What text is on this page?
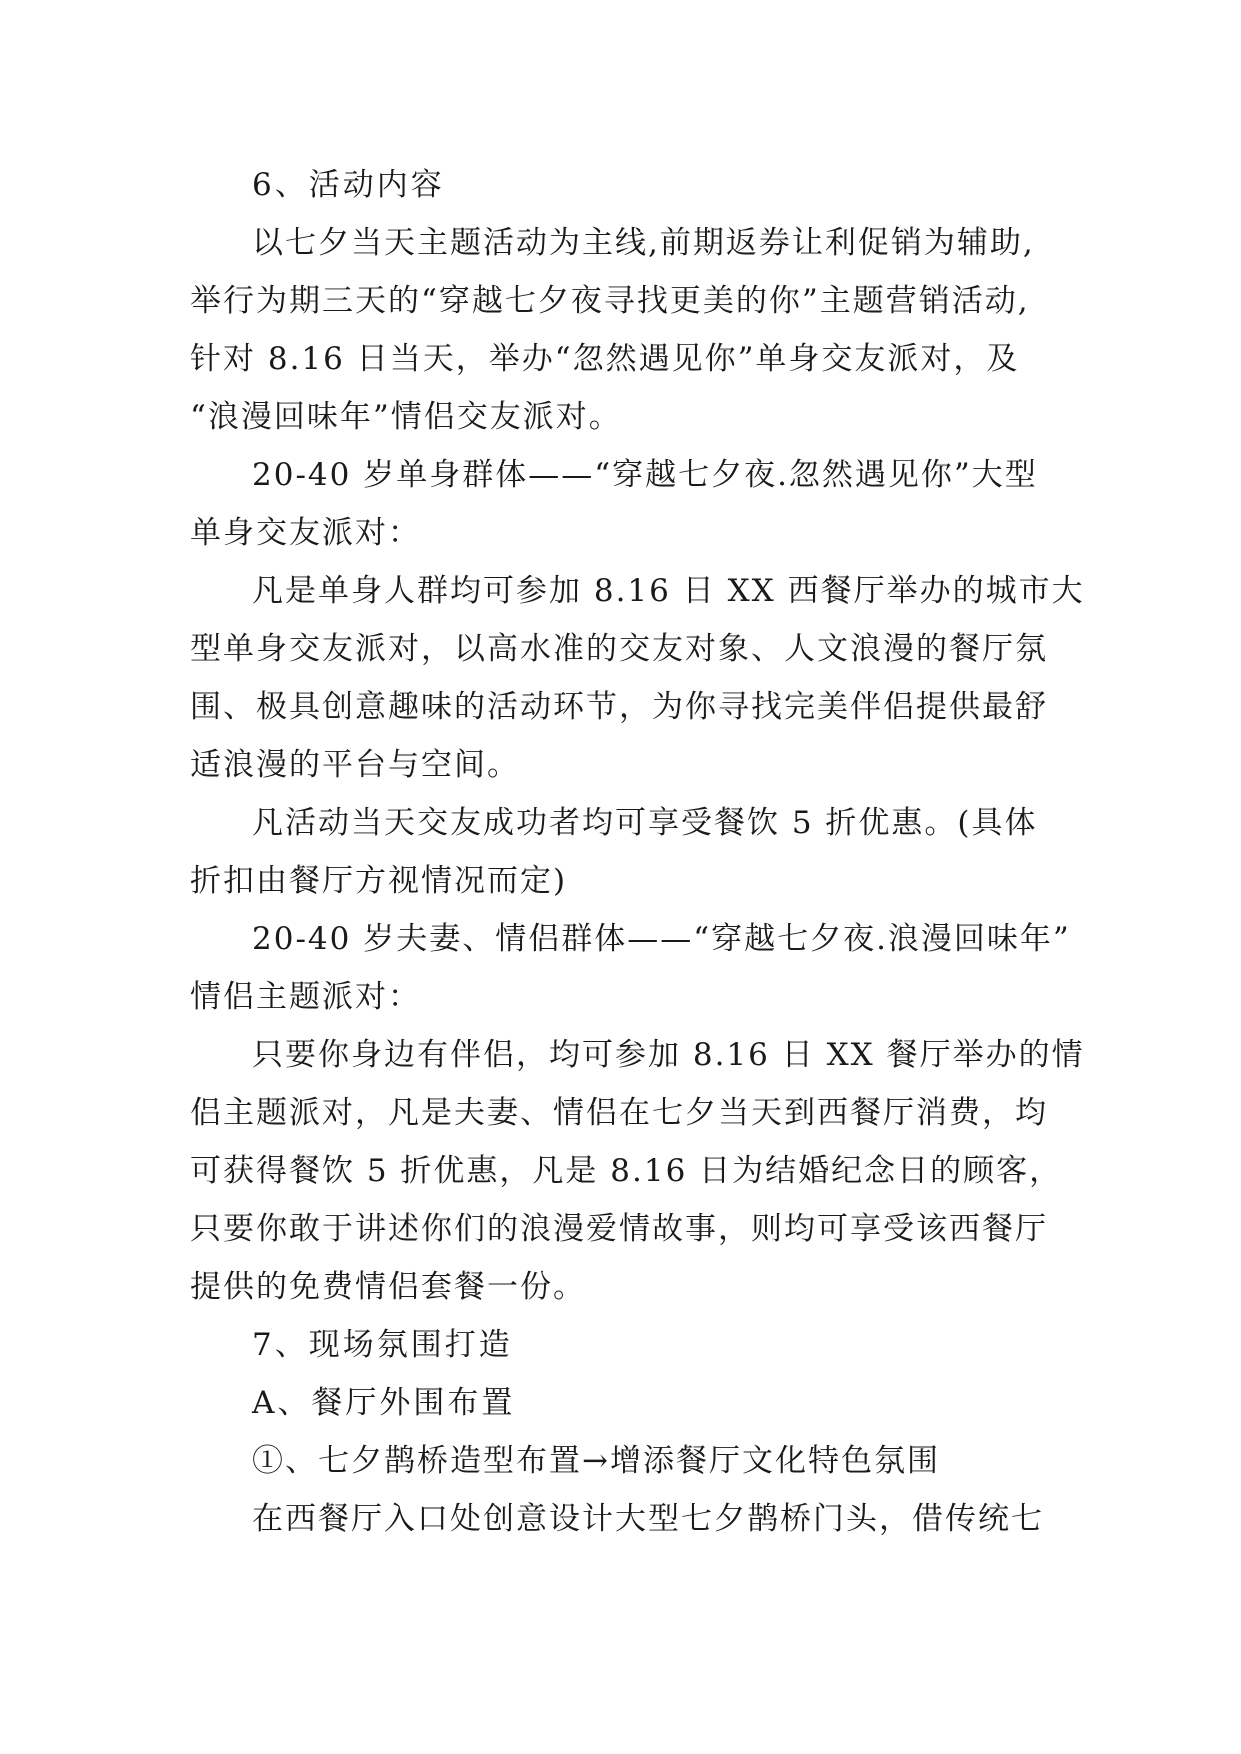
6、活动内容
以七夕当天主题活动为主线,前期返券让利促销为辅助,
举行为期三天的“穿越七夕夜寻找更美的你”主题营销活动,
针对 8.16 日当天，举办“忽然遇见你”单身交友派对，及
“浪漫回味年”情侣交友派对。
20-40 岁单身群体——“穿越七夕夜.忽然遇见你”大型
单身交友派对：
凡是单身人群均可参加 8.16 日 XX 西餐厅举办的城市大
型单身交友派对，以高水准的交友对象、人文浪漫的餐厅氛
围、极具创意趣味的活动环节，为你寻找完美伴侣提供最舒
适浪漫的平台与空间。
凡活动当天交友成功者均可享受餐饮 5 折优惠。(具体
折扣由餐厅方视情况而定)
20-40 岁夫妻、情侣群体——“穿越七夕夜.浪漫回味年”
情侣主题派对：
只要你身边有伴侣，均可参加 8.16 日 XX 餐厅举办的情
侣主题派对，凡是夫妻、情侣在七夕当天到西餐厅消费，均
可获得餐饮 5 折优惠，凡是 8.16 日为结婚纪念日的顾客，
只要你敢于讲述你们的浪漫爱情故事，则均可享受该西餐厅
提供的免费情侣套餐一份。
7、现场氛围打造
A、餐厅外围布置
①、七夕鹊桥造型布置→增添餐厅文化特色氛围
在西餐厅入口处创意设计大型七夕鹊桥门头，借传统七
